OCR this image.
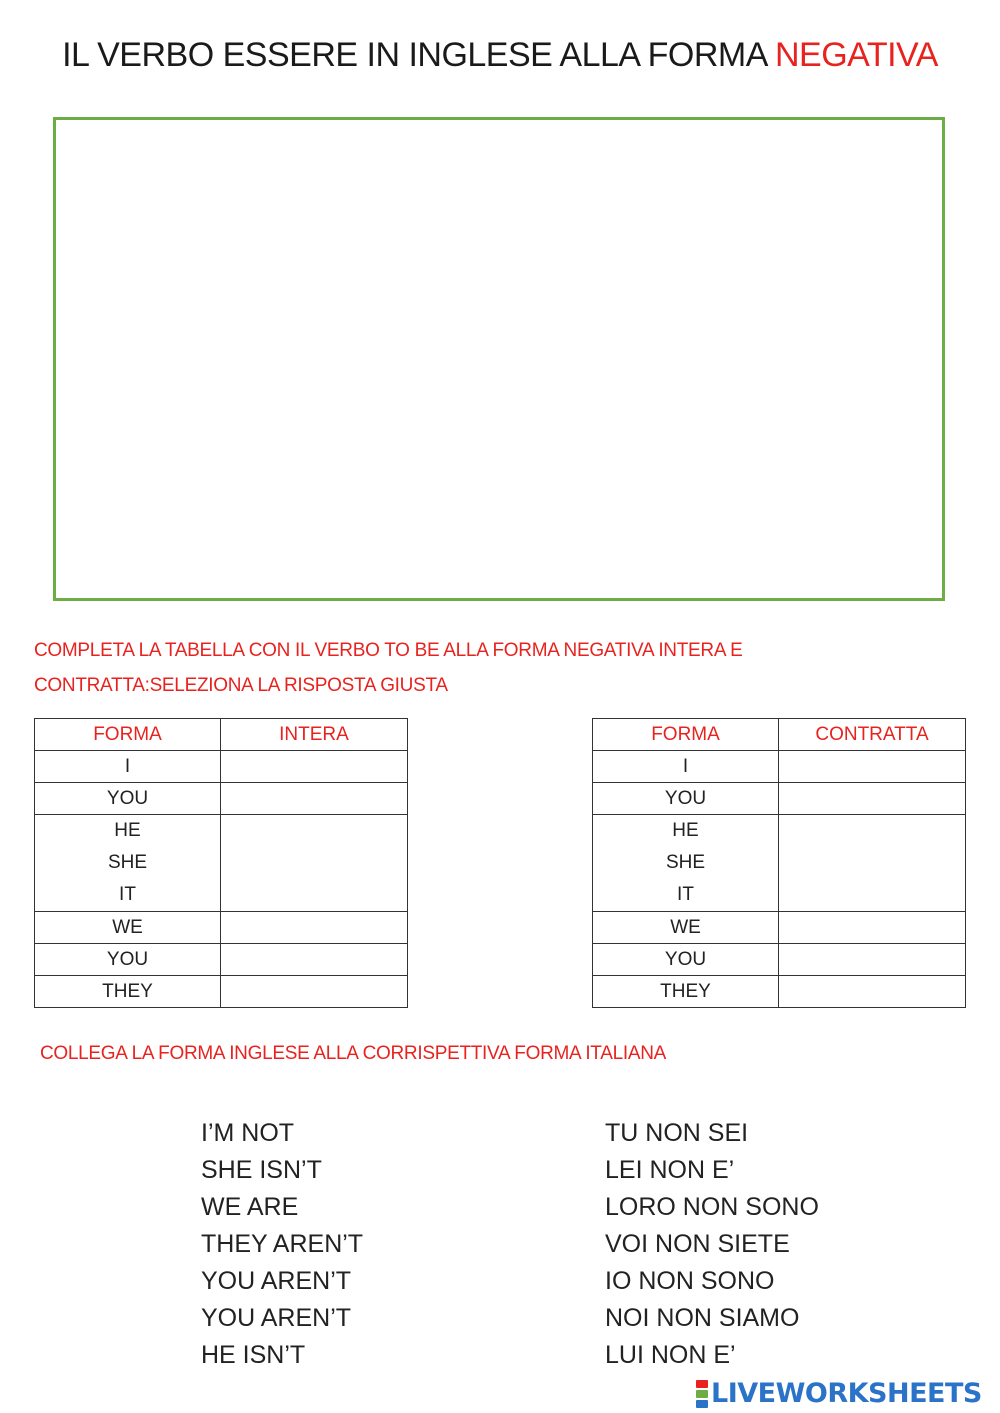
IL VERBO ESSERE IN INGLESE ALLA FORMA NEGATIVA
COMPLETA LA TABELLA CON IL VERBO TO BE ALLA FORMA NEGATIVA INTERA E
CONTRATTA:SELEZIONA LA RISPOSTA GIUSTA
FORMA	INTERA
I	
YOU	

HE
SHE
IT	

WE	
YOU	
THEY	
FORMA	CONTRATTA
I	
YOU	

HE
SHE
IT	

WE	
YOU	
THEY	
COLLEGA LA FORMA INGLESE ALLA CORRISPETTIVA FORMA ITALIANA
I’M NOT
SHE ISN’T
WE ARE
THEY AREN’T
YOU AREN’T
YOU AREN’T
HE ISN’T
TU NON SEI
LEI NON E’
LORO NON SONO
VOI NON SIETE
IO NON SONO
NOI NON SIAMO
LUI NON E’
LIVEWORKSHEETS
